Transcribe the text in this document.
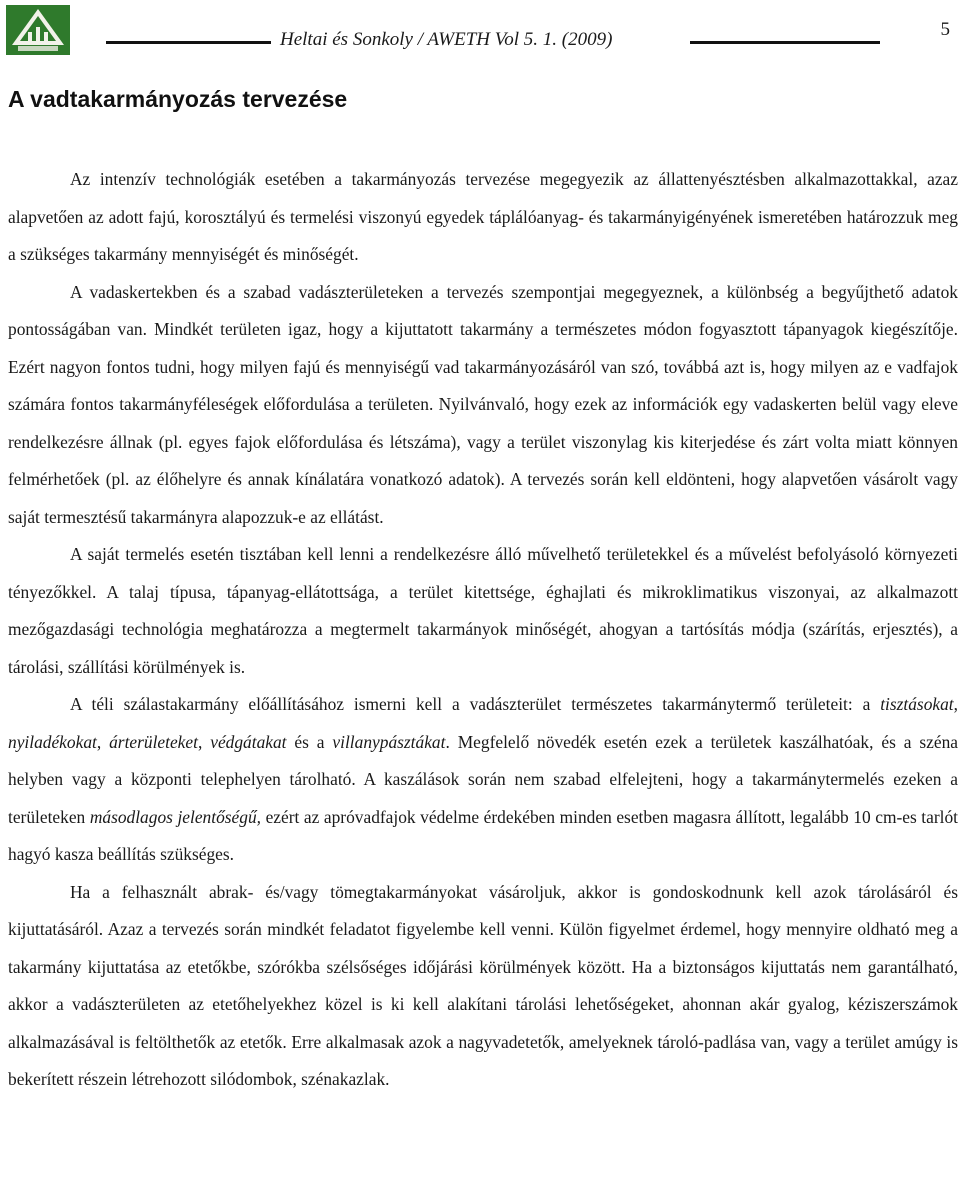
Heltai és Sonkoly / AWETH Vol 5. 1. (2009)	5
A vadtakarmányozás tervezése

Az intenzív technológiák esetében a takarmányozás tervezése megegyezik az állattenyésztésben alkalmazottakkal, azaz alapvetően az adott fajú, korosztályú és termelési viszonyú egyedek táplálóanyag- és takarmányigényének ismeretében határozzuk meg a szükséges takarmány mennyiségét és minőségét.

A vadaskertekben és a szabad vadászterületeken a tervezés szempontjai megegyeznek, a különbség a begyűjthető adatok pontosságában van. Mindkét területen igaz, hogy a kijuttatott takarmány a természetes módon fogyasztott tápanyagok kiegészítője. Ezért nagyon fontos tudni, hogy milyen fajú és mennyiségű vad takarmányozásáról van szó, továbbá azt is, hogy milyen az e vadfajok számára fontos takarmányféleségek előfordulása a területen. Nyilvánvaló, hogy ezek az információk egy vadaskerten belül vagy eleve rendelkezésre állnak (pl. egyes fajok előfordulása és létszáma), vagy a terület viszonylag kis kiterjedése és zárt volta miatt könnyen felmérhetőek (pl. az élőhelyre és annak kínálatára vonatkozó adatok). A tervezés során kell eldönteni, hogy alapvetően vásárolt vagy saját termesztésű takarmányra alapozzuk-e az ellátást.

A saját termelés esetén tisztában kell lenni a rendelkezésre álló művelhető területekkel és a művelést befolyásoló környezeti tényezőkkel. A talaj típusa, tápanyag-ellátottsága, a terület kitettsége, éghajlati és mikroklimatikus viszonyai, az alkalmazott mezőgazdasági technológia meghatározza a megtermelt takarmányok minőségét, ahogyan a tartósítás módja (szárítás, erjesztés), a tárolási, szállítási körülmények is.

A téli szálastakarmány előállításához ismerni kell a vadászterület természetes takarmánytermő területeit: a tisztásokat, nyiladékokat, árterületeket, védgátakat és a villanypásztákat. Megfelelő növedék esetén ezek a területek kaszálhatóak, és a széna helyben vagy a központi telephelyen tárolható. A kaszálások során nem szabad elfelejteni, hogy a takarmánytermelés ezeken a területeken másodlagos jelentőségű, ezért az apróvadfajok védelme érdekében minden esetben magasra állított, legalább 10 cm-es tarlót hagyó kasza beállítás szükséges.

Ha a felhasznált abrak- és/vagy tömegtakarmányokat vásároljuk, akkor is gondoskodnunk kell azok tárolásáról és kijuttatásáról. Azaz a tervezés során mindkét feladatot figyelembe kell venni. Külön figyelmet érdemel, hogy mennyire oldható meg a takarmány kijuttatása az etetőkbe, szórókba szélsőséges időjárási körülmények között. Ha a biztonságos kijuttatás nem garantálható, akkor a vadászterületen az etetőhelyekhez közel is ki kell alakítani tárolási lehetőségeket, ahonnan akár gyalog, kéziszerszámok alkalmazásával is feltölthetők az etetők. Erre alkalmasak azok a nagyvadetetők, amelyeknek tároló-padlása van, vagy a terület amúgy is bekerített részein létrehozott silódombok, szénakazlak.
